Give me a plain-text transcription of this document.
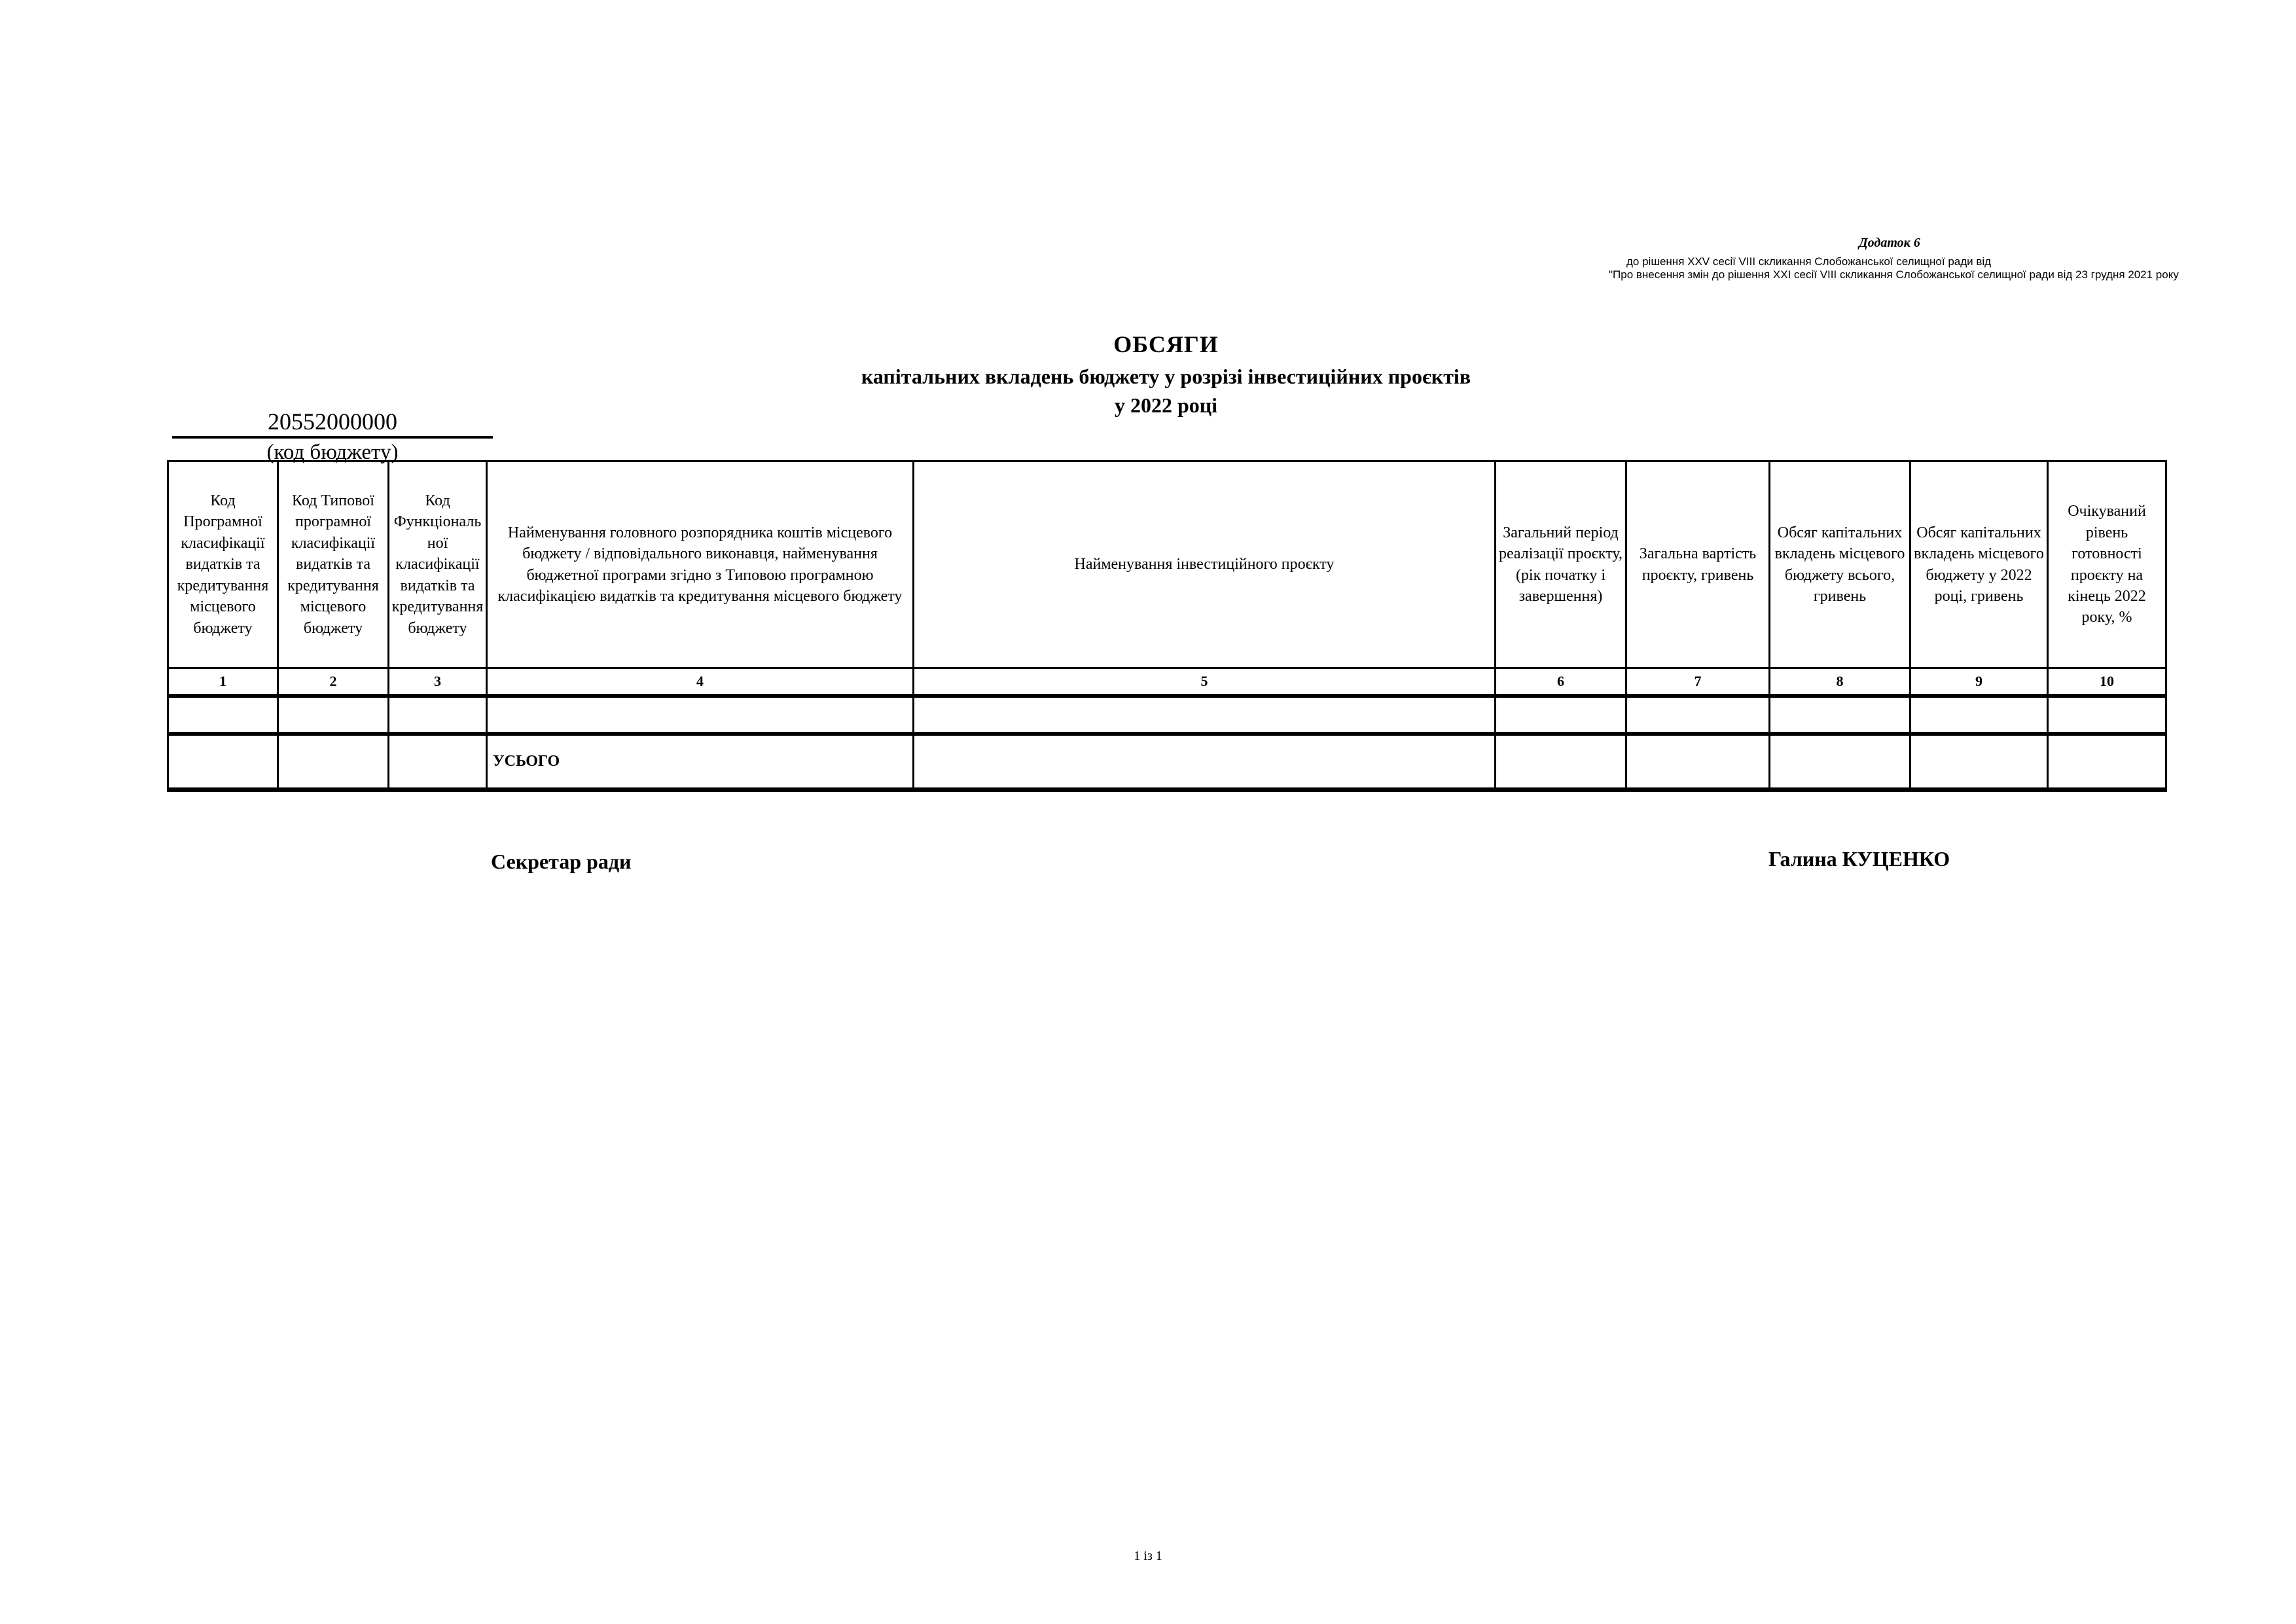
Додаток 6
до рішення XXV сесії VIII скликання Слобожанської селищної ради від
"Про внесення змін до рішення XXI сесії VIII скликання Слобожанської селищної ради від 23 грудня 2021 року
ОБСЯГИ
капітальних вкладень бюджету у розрізі інвестиційних проєктів
у 2022 році
20552000000
(код бюджету)
Код Програмної класифікації видатків та кредитування місцевого бюджету	Код Типової програмної класифікації видатків та кредитування місцевого бюджету	Код Функціональної класифікації видатків та кредитування бюджету	Найменування головного розпорядника коштів місцевого бюджету / відповідального виконавця, найменування бюджетної програми згідно з Типовою програмною класифікацією видатків та кредитування місцевого бюджету	Найменування інвестиційного проєкту	Загальний період реалізації проєкту, (рік початку і завершення)	Загальна вартість проєкту, гривень	Обсяг капітальних вкладень місцевого бюджету всього, гривень	Обсяг капітальних вкладень місцевого бюджету у 2022 році, гривень	Очікуваний рівень готовності проєкту на кінець 2022 року, %
1	2	3	4	5	6	7	8	9	10

			УСЬОГО						
Секретар ради	Галина КУЦЕНКО
1 із 1
